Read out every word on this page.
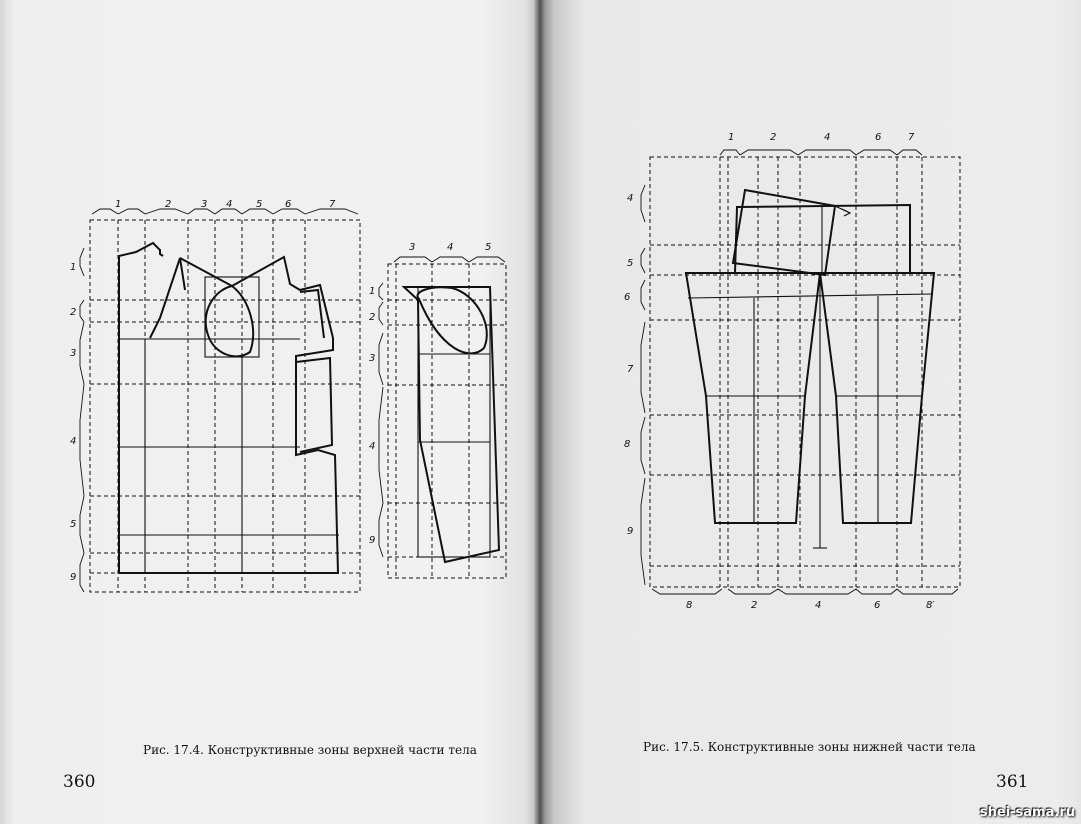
1	2	3 4 5 6	7
1
2
3
4
5
9
3	4	5
1
2
3
4
9
1	2	4	6	7
4
5
6
7
8
9
8	2	4	6	8′
Рис. 17.4. Конструктивные зоны верхней части тела
360
Рис. 17.5. Конструктивные зоны нижней части тела
361
shei-sama.ru
